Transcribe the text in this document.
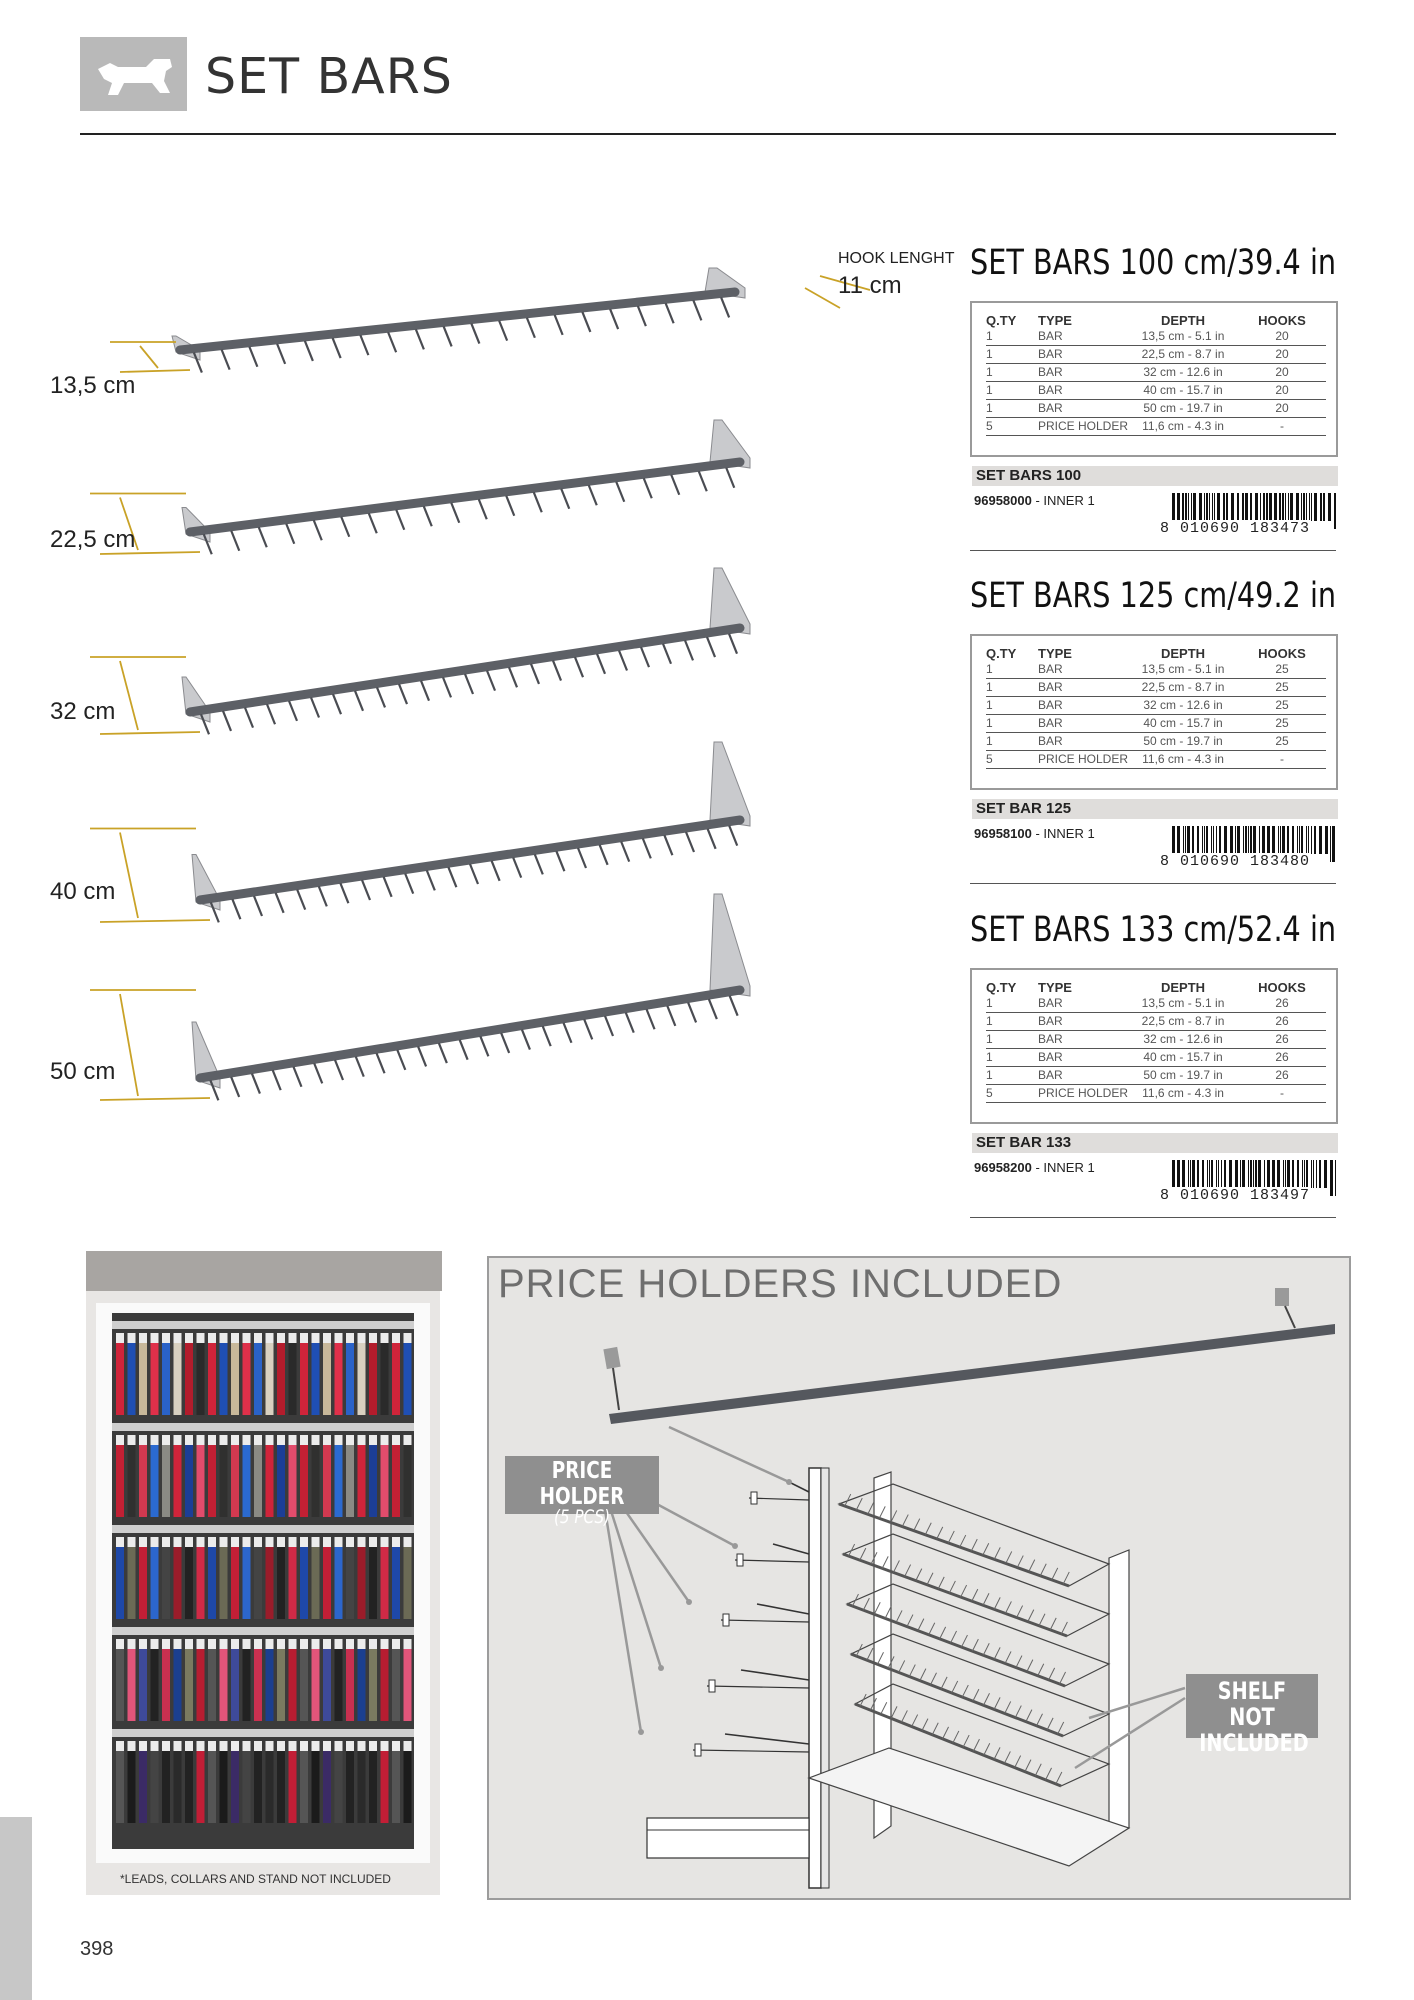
SET BARS
HOOK LENGHT
11 cm
13,5 cm
22,5 cm
32 cm
40 cm
50 cm
SET BARS 100 cm/39.4 in
Q.TY	TYPE	DEPTH	HOOKS
1	BAR	13,5 cm - 5.1 in	20
1	BAR	22,5 cm - 8.7 in	20
1	BAR	32 cm - 12.6 in	20
1	BAR	40 cm - 15.7 in	20
1	BAR	50 cm - 19.7 in	20
5	PRICE HOLDER	11,6 cm - 4.3 in	-
SET BARS 100
96958000 - INNER 1
8 010690 183473
SET BARS 125 cm/49.2 in
Q.TY	TYPE	DEPTH	HOOKS
1	BAR	13,5 cm - 5.1 in	25
1	BAR	22,5 cm - 8.7 in	25
1	BAR	32 cm - 12.6 in	25
1	BAR	40 cm - 15.7 in	25
1	BAR	50 cm - 19.7 in	25
5	PRICE HOLDER	11,6 cm - 4.3 in	-
SET BAR 125
96958100 - INNER 1
8 010690 183480
SET BARS 133 cm/52.4 in
Q.TY	TYPE	DEPTH	HOOKS
1	BAR	13,5 cm - 5.1 in	26
1	BAR	22,5 cm - 8.7 in	26
1	BAR	32 cm - 12.6 in	26
1	BAR	40 cm - 15.7 in	26
1	BAR	50 cm - 19.7 in	26
5	PRICE HOLDER	11,6 cm - 4.3 in	-
SET BAR 133
96958200 - INNER 1
8 010690 183497
*LEADS, COLLARS AND STAND NOT INCLUDED
PRICE HOLDERS INCLUDED
PRICE HOLDER
(5 PCS)
SHELF NOT
INCLUDED
398
